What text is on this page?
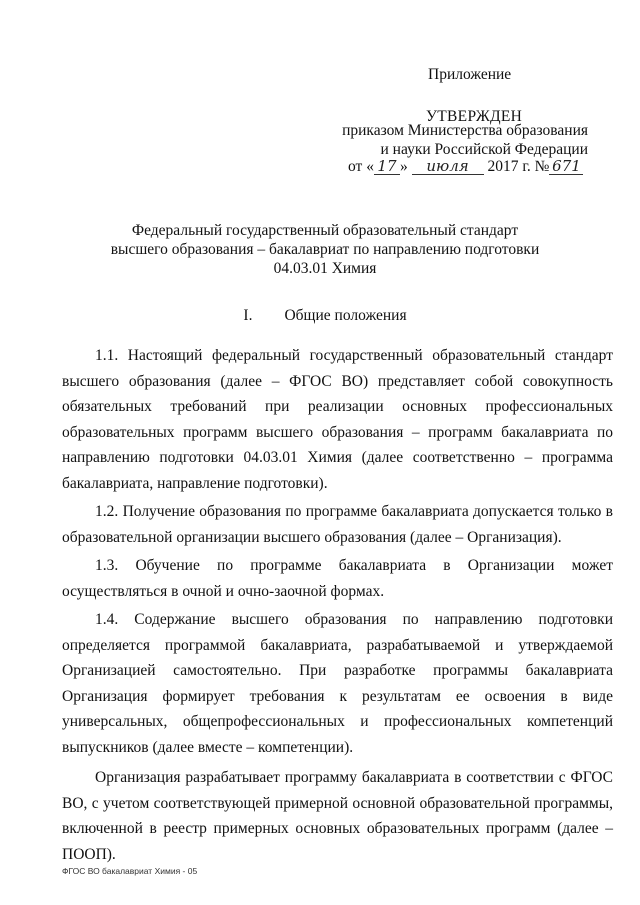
Приложение
УТВЕРЖДЕН
приказом Министерства образования
и науки Российской Федерации
от « 17 » июля 2017 г. № 671
Федеральный государственный образовательный стандарт
высшего образования – бакалавриат по направлению подготовки
04.03.01 Химия
I. Общие положения

1.1. Настоящий федеральный государственный образовательный стандарт высшего образования (далее – ФГОС ВО) представляет собой совокупность обязательных требований при реализации основных профессиональных образовательных программ высшего образования – программ бакалавриата по направлению подготовки 04.03.01 Химия (далее соответственно – программа бакалавриата, направление подготовки).

1.2. Получение образования по программе бакалавриата допускается только в образовательной организации высшего образования (далее – Организация).

1.3. Обучение по программе бакалавриата в Организации может осуществляться в очной и очно-заочной формах.

1.4. Содержание высшего образования по направлению подготовки определяется программой бакалавриата, разрабатываемой и утверждаемой Организацией самостоятельно. При разработке программы бакалавриата Организация формирует требования к результатам ее освоения в виде универсальных, общепрофессиональных и профессиональных компетенций выпускников (далее вместе – компетенции).

Организация разрабатывает программу бакалавриата в соответствии с ФГОС ВО, с учетом соответствующей примерной основной образовательной программы, включенной в реестр примерных основных образовательных программ (далее – ПООП).

ФГОС ВО бакалавриат Химия - 05
